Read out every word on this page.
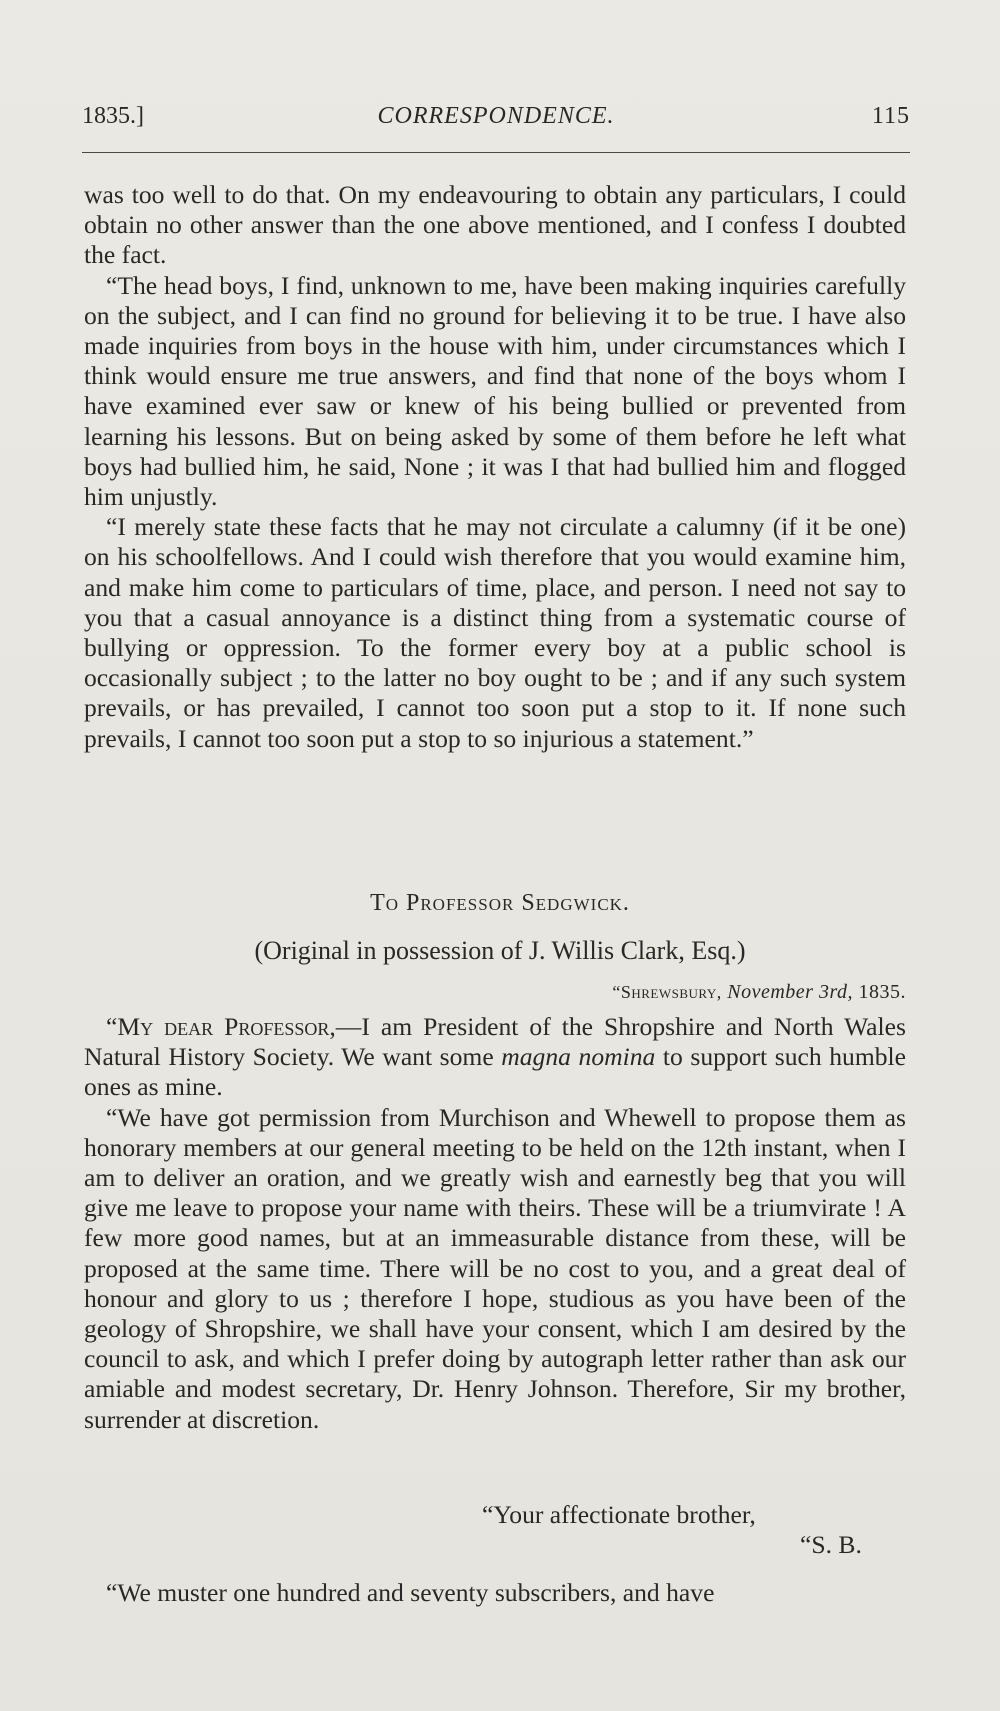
1835.]	CORRESPONDENCE.	115

was too well to do that. On my endeavouring to obtain any particulars, I could obtain no other answer than the one above mentioned, and I confess I doubted the fact.

“The head boys, I find, unknown to me, have been making inquiries carefully on the subject, and I can find no ground for believing it to be true. I have also made inquiries from boys in the house with him, under circumstances which I think would ensure me true answers, and find that none of the boys whom I have examined ever saw or knew of his being bullied or prevented from learning his lessons. But on being asked by some of them before he left what boys had bullied him, he said, None ; it was I that had bullied him and flogged him unjustly.

“I merely state these facts that he may not circulate a calumny (if it be one) on his schoolfellows. And I could wish therefore that you would examine him, and make him come to particulars of time, place, and person. I need not say to you that a casual annoyance is a distinct thing from a systematic course of bullying or oppression. To the former every boy at a public school is occasionally subject ; to the latter no boy ought to be ; and if any such system prevails, or has prevailed, I cannot too soon put a stop to it. If none such prevails, I cannot too soon put a stop to so injurious a statement.”

To Professor Sedgwick.
(Original in possession of J. Willis Clark, Esq.)
“Shrewsbury, November 3rd, 1835.

“My dear Professor,—I am President of the Shropshire and North Wales Natural History Society. We want some magna nomina to support such humble ones as mine.

“We have got permission from Murchison and Whewell to propose them as honorary members at our general meeting to be held on the 12th instant, when I am to deliver an oration, and we greatly wish and earnestly beg that you will give me leave to propose your name with theirs. These will be a triumvirate ! A few more good names, but at an immeasurable distance from these, will be proposed at the same time. There will be no cost to you, and a great deal of honour and glory to us ; therefore I hope, studious as you have been of the geology of Shropshire, we shall have your consent, which I am desired by the council to ask, and which I prefer doing by autograph letter rather than ask our amiable and modest secretary, Dr. Henry Johnson. Therefore, Sir my brother, surrender at discretion.

“Your affectionate brother,
“S. B.
“We muster one hundred and seventy subscribers, and have
